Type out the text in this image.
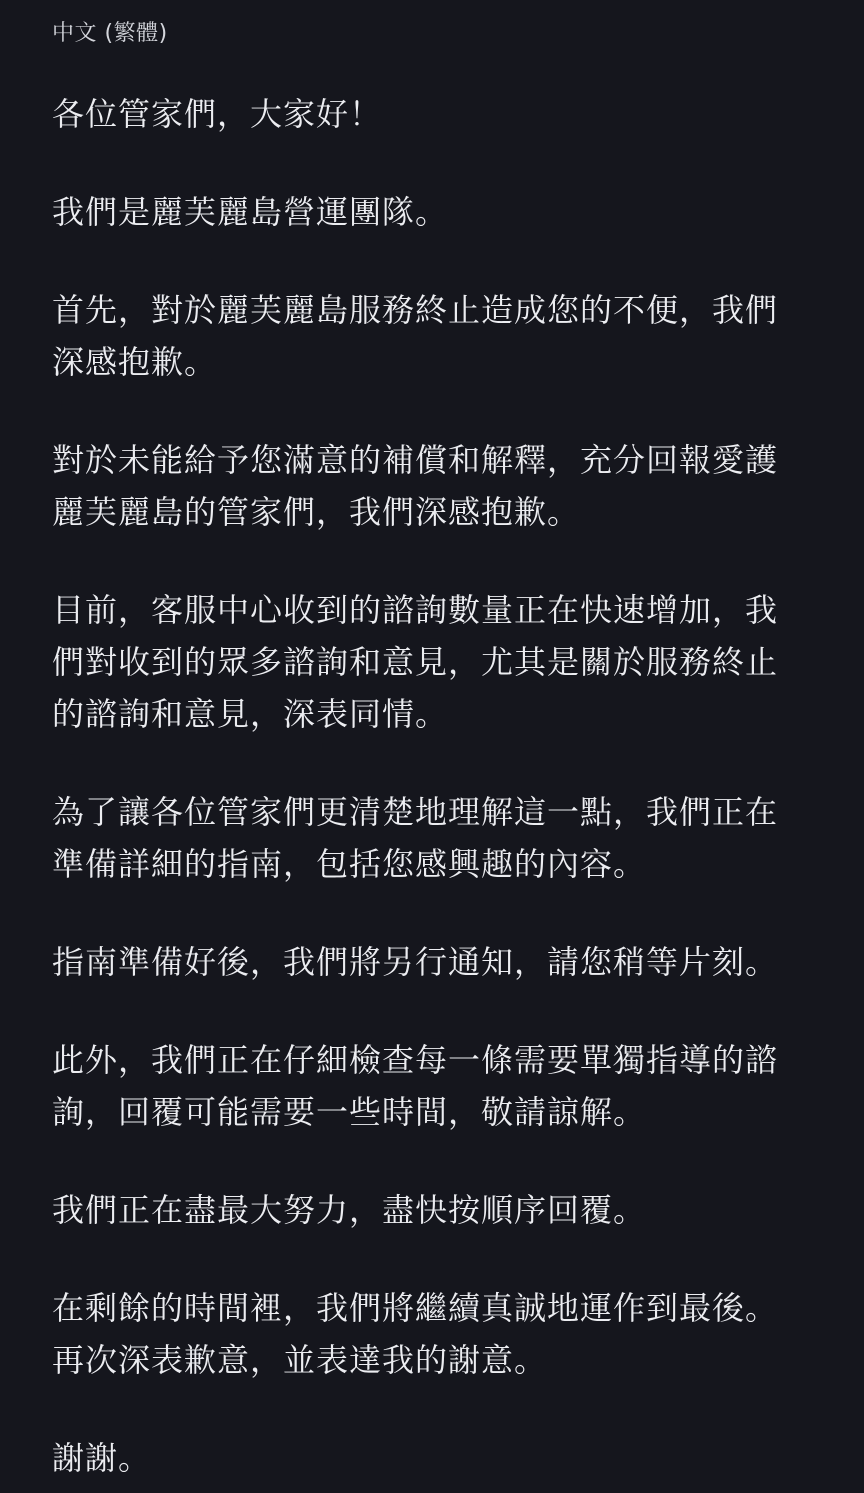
中文 (繁體)

各位管家們，大家好！

我們是麗芙麗島營運團隊。

首先，對於麗芙麗島服務終止造成您的不便，我們
深感抱歉。

對於未能給予您滿意的補償和解釋，充分回報愛護
麗芙麗島的管家們，我們深感抱歉。

目前，客服中心收到的諮詢數量正在快速增加，我
們對收到的眾多諮詢和意見，尤其是關於服務終止
的諮詢和意見，深表同情。

為了讓各位管家們更清楚地理解這一點，我們正在
準備詳細的指南，包括您感興趣的內容。

指南準備好後，我們將另行通知，請您稍等片刻。

此外，我們正在仔細檢查每一條需要單獨指導的諮
詢，回覆可能需要一些時間，敬請諒解。

我們正在盡最大努力，盡快按順序回覆。

在剩餘的時間裡，我們將繼續真誠地運作到最後。
再次深表歉意，並表達我的謝意。

謝謝。
